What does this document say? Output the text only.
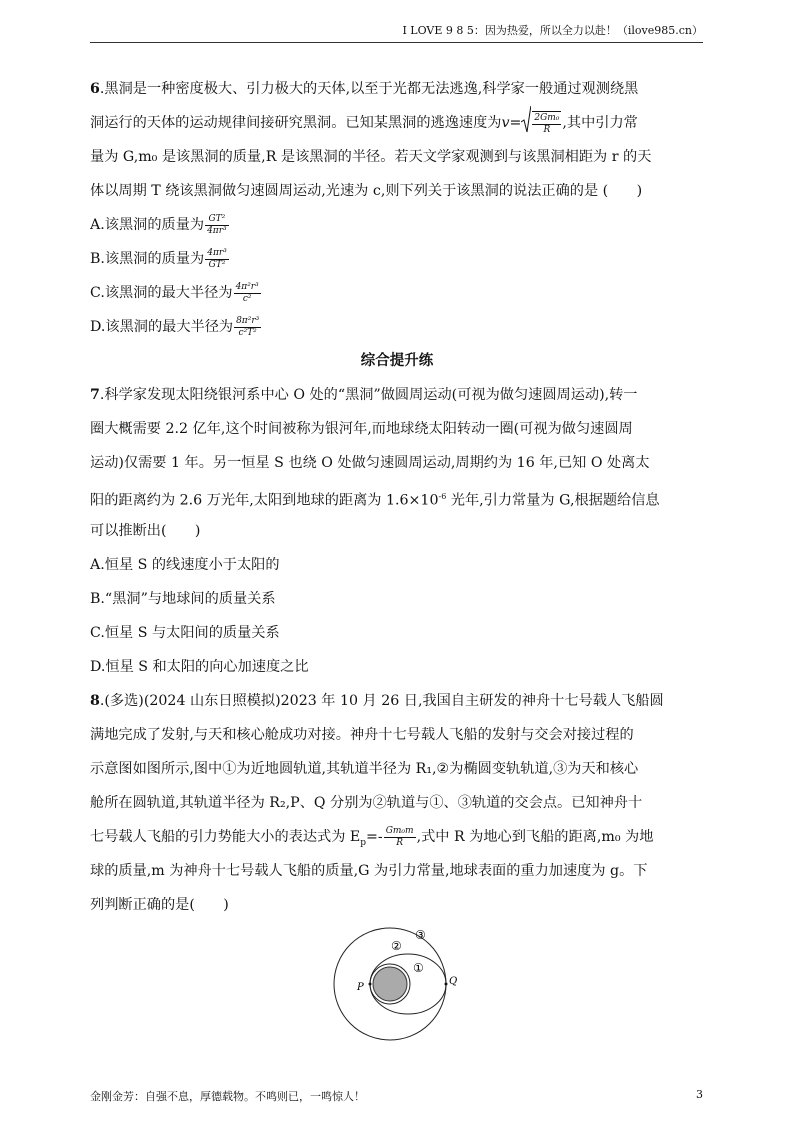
I LOVE 9 8 5：因为热爱，所以全力以赴！（ilove985.cn）
6.黑洞是一种密度极大、引力极大的天体,以至于光都无法逃逸,科学家一般通过观测绕黑
洞运行的天体的运动规律间接研究黑洞。已知某黑洞的逃逸速度为$v= \frac{\text{2Gm₀}}{R}$ ,其中引力常
量为 G,m₀ 是该黑洞的质量,R 是该黑洞的半径。若天文学家观测到与该黑洞相距为 r 的天
体以周期 T 绕该黑洞做匀速圆周运动,光速为 c,则下列关于该黑洞的说法正确的是 (　　)
A.该黑洞的质量为 $\frac{\text{GT²}}{\text{4πr³}}$
B.该黑洞的质量为 $\frac{\text{4πr³}}{\text{GT²}}$
C.该黑洞的最大半径为 $\frac{\text{4π²r³}}{\text{c²}}$
D.该黑洞的最大半径为 $\frac{\text{8π²r³}}{\text{c²T²}}$
综合提升练
7.科学家发现太阳绕银河系中心 O 处的“黑洞”做圆周运动(可视为做匀速圆周运动),转一
圈大概需要 2.2 亿年,这个时间被称为银河年,而地球绕太阳转动一圈(可视为做匀速圆周
运动)仅需要 1 年。另一恒星 S 也绕 O 处做匀速圆周运动,周期约为 16 年,已知 O 处离太
阳的距离约为 2.6 万光年,太阳到地球的距离为 $1.6\times 10^{-6}$ 光年,引力常量为 G,根据题给信息
可以推断出(　　)
A.恒星 S 的线速度小于太阳的
B.“黑洞”与地球间的质量关系
C.恒星 S 与太阳间的质量关系
D.恒星 S 和太阳的向心加速度之比
8.(多选)(2024 山东日照模拟)2023 年 10 月 26 日,我国自主研发的神舟十七号载人飞船圆
满地完成了发射,与天和核心舱成功对接。神舟十七号载人飞船的发射与交会对接过程的
示意图如图所示,图中①为近地圆轨道,其轨道半径为 R₁,②为椭圆变轨轨道,③为天和核心
舱所在圆轨道,其轨道半径为 R₂,P、Q 分别为②轨道与①、③轨道的交会点。已知神舟十
七号载人飞船的引力势能大小的表达式为 $E_p=- \frac{\text{Gm₀m}}{R}$ ,式中 R 为地心到飞船的距离,m₀ 为地
球的质量,m 为神舟十七号载人飞船的质量,G 为引力常量,地球表面的重力加速度为 g。下
列判断正确的是(　　)
①
②
③
P
Q
金刚金芳：自强不息，厚德载物。不鸣则已，一鸣惊人！	3
